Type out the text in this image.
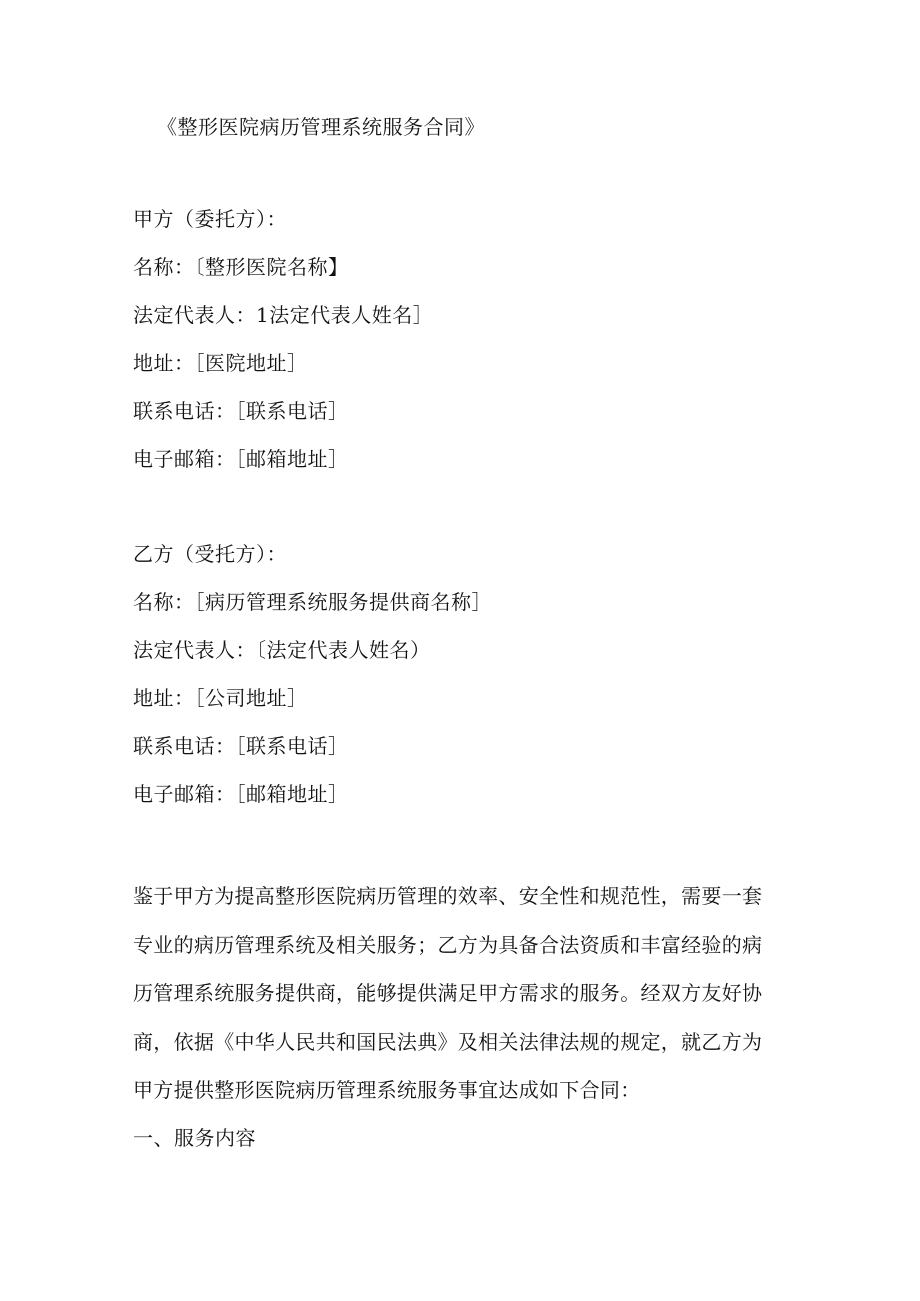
《整形医院病历管理系统服务合同》
甲方（委托方）：
名称：〔整形医院名称】
法定代表人：1法定代表人姓名］
地址：［医院地址］
联系电话：［联系电话］
电子邮箱：［邮箱地址］
乙方（受托方）：
名称：［病历管理系统服务提供商名称］
法定代表人：〔法定代表人姓名）
地址：［公司地址］
联系电话：［联系电话］
电子邮箱：［邮箱地址］
鉴于甲方为提高整形医院病历管理的效率、安全性和规范性，需要一套
专业的病历管理系统及相关服务；乙方为具备合法资质和丰富经验的病
历管理系统服务提供商，能够提供满足甲方需求的服务。经双方友好协
商，依据《中华人民共和国民法典》及相关法律法规的规定，就乙方为
甲方提供整形医院病历管理系统服务事宜达成如下合同：
一、服务内容
